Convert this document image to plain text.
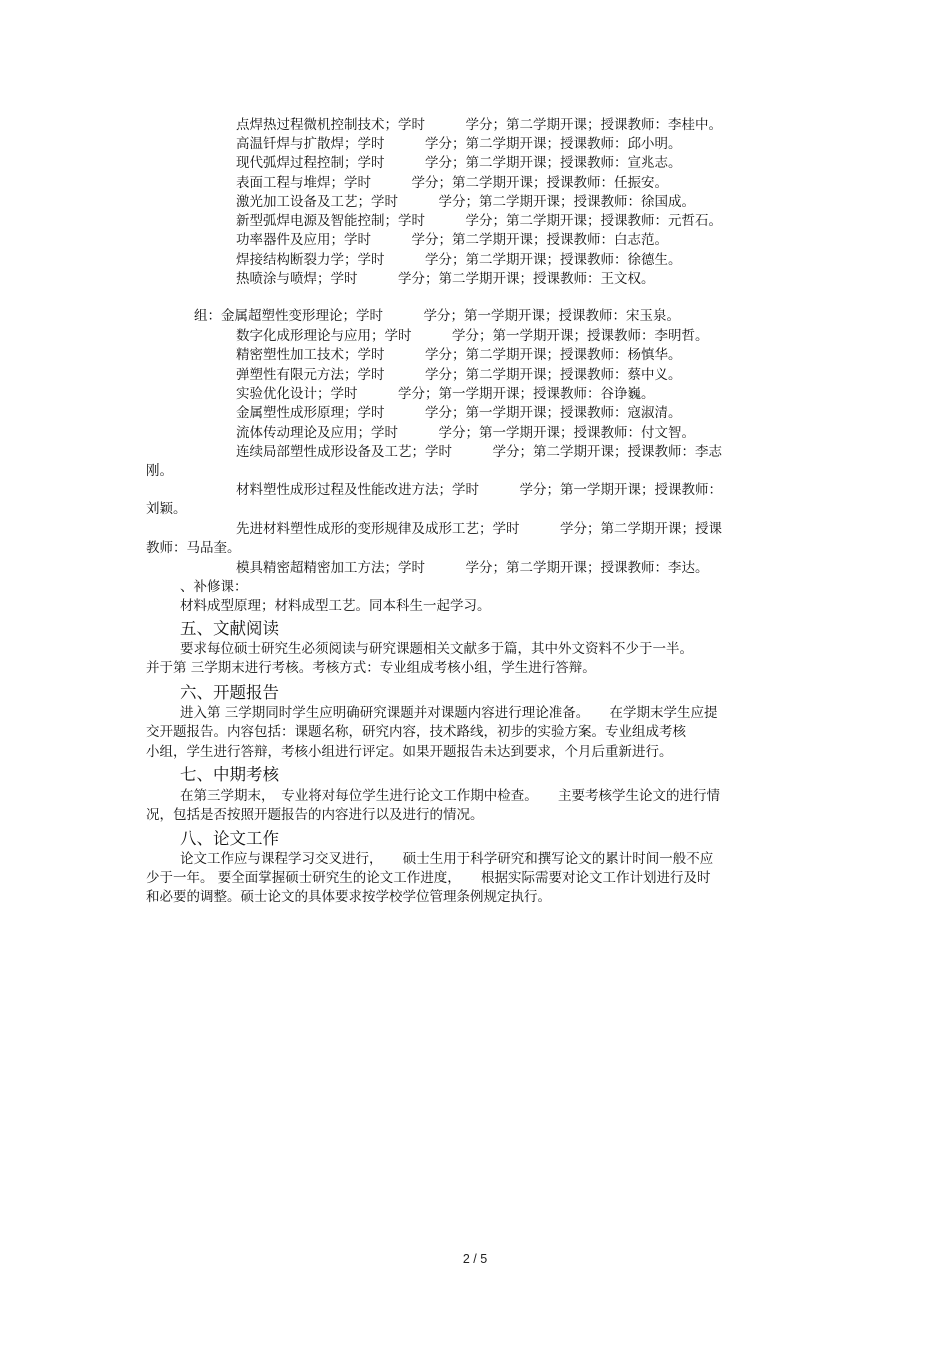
点焊热过程微机控制技术；学时　　　学分；第二学期开课；授课教师：李桂中。
高温钎焊与扩散焊；学时　　　学分；第二学期开课；授课教师：邱小明。
现代弧焊过程控制；学时　　　学分；第二学期开课；授课教师：宣兆志。
表面工程与堆焊；学时　　　学分；第二学期开课；授课教师：任振安。
激光加工设备及工艺；学时　　　学分；第二学期开课；授课教师：徐国成。
新型弧焊电源及智能控制；学时　　　学分；第二学期开课；授课教师：元哲石。
功率器件及应用；学时　　　学分；第二学期开课；授课教师：白志范。
焊接结构断裂力学；学时　　　学分；第二学期开课；授课教师：徐德生。
热喷涂与喷焊；学时　　　学分；第二学期开课；授课教师：王文权。
组：金属超塑性变形理论；学时　　　学分；第一学期开课；授课教师：宋玉泉。
数字化成形理论与应用；学时　　　学分；第一学期开课；授课教师：李明哲。
精密塑性加工技术；学时　　　学分；第二学期开课；授课教师：杨慎华。
弹塑性有限元方法；学时　　　学分；第二学期开课；授课教师：蔡中义。
实验优化设计；学时　　　学分；第一学期开课；授课教师：谷诤巍。
金属塑性成形原理；学时　　　学分；第一学期开课；授课教师：寇淑清。
流体传动理论及应用；学时　　　学分；第一学期开课；授课教师：付文智。
连续局部塑性成形设备及工艺；学时　　　学分；第二学期开课；授课教师：李志
刚。
材料塑性成形过程及性能改进方法；学时　　　学分；第一学期开课；授课教师：
刘颖。
先进材料塑性成形的变形规律及成形工艺；学时　　　学分；第二学期开课；授课
教师：马品奎。
模具精密超精密加工方法；学时　　　学分；第二学期开课；授课教师：李达。
、补修课：
材料成型原理；材料成型工艺。同本科生一起学习。
五、文献阅读
要求每位硕士研究生必须阅读与研究课题相关文献多于篇，其中外文资料不少于一半。
并于第 三学期末进行考核。考核方式：专业组成考核小组，学生进行答辩。
六、开题报告
进入第 三学期同时学生应明确研究课题并对课题内容进行理论准备。　　在学期末学生应提
交开题报告。内容包括：课题名称，研究内容，技术路线，初步的实验方案。专业组成考核
小组，学生进行答辩，考核小组进行评定。如果开题报告未达到要求，个月后重新进行。
七、中期考核
在第三学期末，　专业将对每位学生进行论文工作期中检查。　　主要考核学生论文的进行情
况，包括是否按照开题报告的内容进行以及进行的情况。
八、论文工作
论文工作应与课程学习交叉进行，　　硕士生用于科学研究和撰写论文的累计时间一般不应
少于一年。 要全面掌握硕士研究生的论文工作进度，　　根据实际需要对论文工作计划进行及时
和必要的调整。硕士论文的具体要求按学校学位管理条例规定执行。
2 / 5
